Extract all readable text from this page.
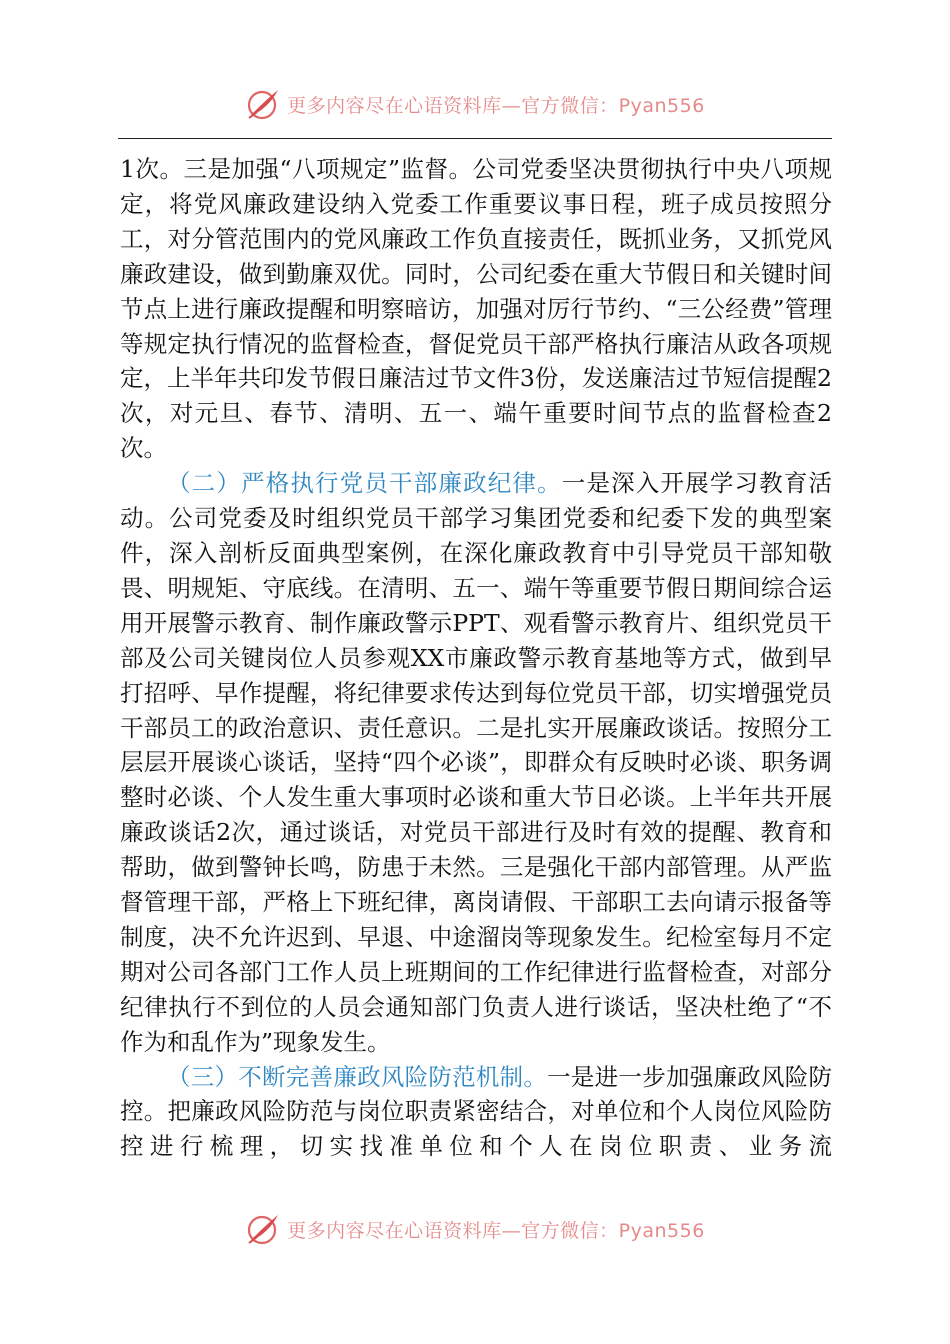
更多内容尽在心语资料库—官方微信：Pyan556

1次。三是加强“八项规定”监督。公司党委坚决贯彻执行中央八项规定，将党风廉政建设纳入党委工作重要议事日程，班子成员按照分工，对分管范围内的党风廉政工作负直接责任，既抓业务，又抓党风廉政建设，做到勤廉双优。同时，公司纪委在重大节假日和关键时间节点上进行廉政提醒和明察暗访，加强对厉行节约、“三公经费”管理等规定执行情况的监督检查，督促党员干部严格执行廉洁从政各项规定，上半年共印发节假日廉洁过节文件3份，发送廉洁过节短信提醒2次，对元旦、春节、清明、五一、端午重要时间节点的监督检查2次。

（二）严格执行党员干部廉政纪律。一是深入开展学习教育活动。公司党委及时组织党员干部学习集团党委和纪委下发的典型案件，深入剖析反面典型案例，在深化廉政教育中引导党员干部知敬畏、明规矩、守底线。在清明、五一、端午等重要节假日期间综合运用开展警示教育、制作廉政警示PPT、观看警示教育片、组织党员干部及公司关键岗位人员参观XX市廉政警示教育基地等方式，做到早打招呼、早作提醒，将纪律要求传达到每位党员干部，切实增强党员干部员工的政治意识、责任意识。二是扎实开展廉政谈话。按照分工层层开展谈心谈话，坚持“四个必谈”，即群众有反映时必谈、职务调整时必谈、个人发生重大事项时必谈和重大节日必谈。上半年共开展廉政谈话2次，通过谈话，对党员干部进行及时有效的提醒、教育和帮助，做到警钟长鸣，防患于未然。三是强化干部内部管理。从严监督管理干部，严格上下班纪律，离岗请假、干部职工去向请示报备等制度，决不允许迟到、早退、中途溜岗等现象发生。纪检室每月不定期对公司各部门工作人员上班期间的工作纪律进行监督检查，对部分纪律执行不到位的人员会通知部门负责人进行谈话，坚决杜绝了“不作为和乱作为”现象发生。

（三）不断完善廉政风险防范机制。一是进一步加强廉政风险防控。把廉政风险防范与岗位职责紧密结合，对单位和个人岗位风险防控进行梳理，切实找准单位和个人在岗位职责、业务流

更多内容尽在心语资料库—官方微信：Pyan556
